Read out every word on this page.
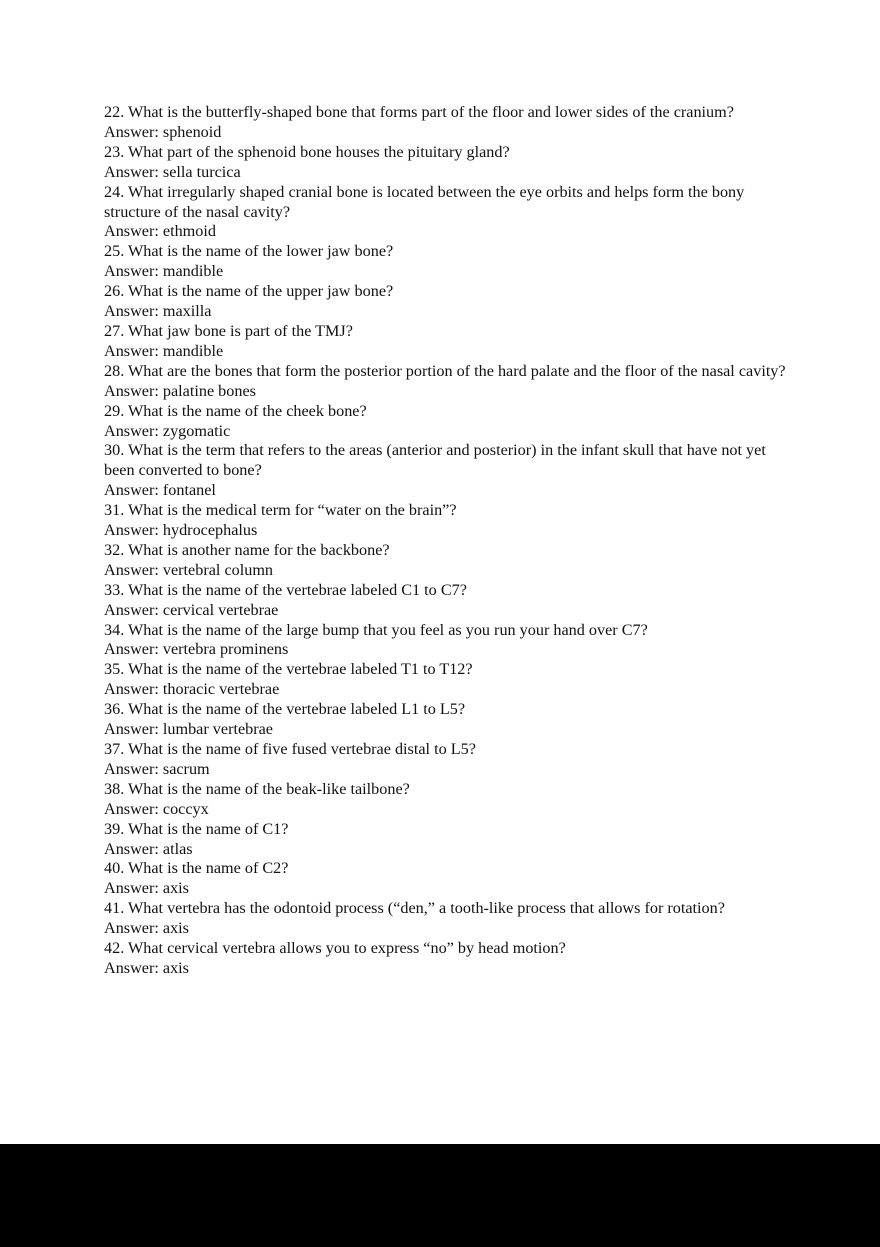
22. What is the butterfly-shaped bone that forms part of the floor and lower sides of the cranium?
Answer: sphenoid
23. What part of the sphenoid bone houses the pituitary gland?
Answer: sella turcica
24. What irregularly shaped cranial bone is located between the eye orbits and helps form the bony structure of the nasal cavity?
Answer: ethmoid
25. What is the name of the lower jaw bone?
Answer: mandible
26. What is the name of the upper jaw bone?
Answer: maxilla
27. What jaw bone is part of the TMJ?
Answer: mandible
28. What are the bones that form the posterior portion of the hard palate and the floor of the nasal cavity?
Answer: palatine bones
29. What is the name of the cheek bone?
Answer: zygomatic
30. What is the term that refers to the areas (anterior and posterior) in the infant skull that have not yet been converted to bone?
Answer: fontanel
31. What is the medical term for “water on the brain”?
Answer: hydrocephalus
32. What is another name for the backbone?
Answer: vertebral column
33. What is the name of the vertebrae labeled C1 to C7?
Answer: cervical vertebrae
34. What is the name of the large bump that you feel as you run your hand over C7?
Answer: vertebra prominens
35. What is the name of the vertebrae labeled T1 to T12?
Answer: thoracic vertebrae
36. What is the name of the vertebrae labeled L1 to L5?
Answer: lumbar vertebrae
37. What is the name of five fused vertebrae distal to L5?
Answer: sacrum
38. What is the name of the beak-like tailbone?
Answer: coccyx
39. What is the name of C1?
Answer: atlas
40. What is the name of C2?
Answer: axis
41. What vertebra has the odontoid process (“den,” a tooth-like process that allows for rotation?
Answer: axis
42. What cervical vertebra allows you to express “no” by head motion?
Answer: axis
